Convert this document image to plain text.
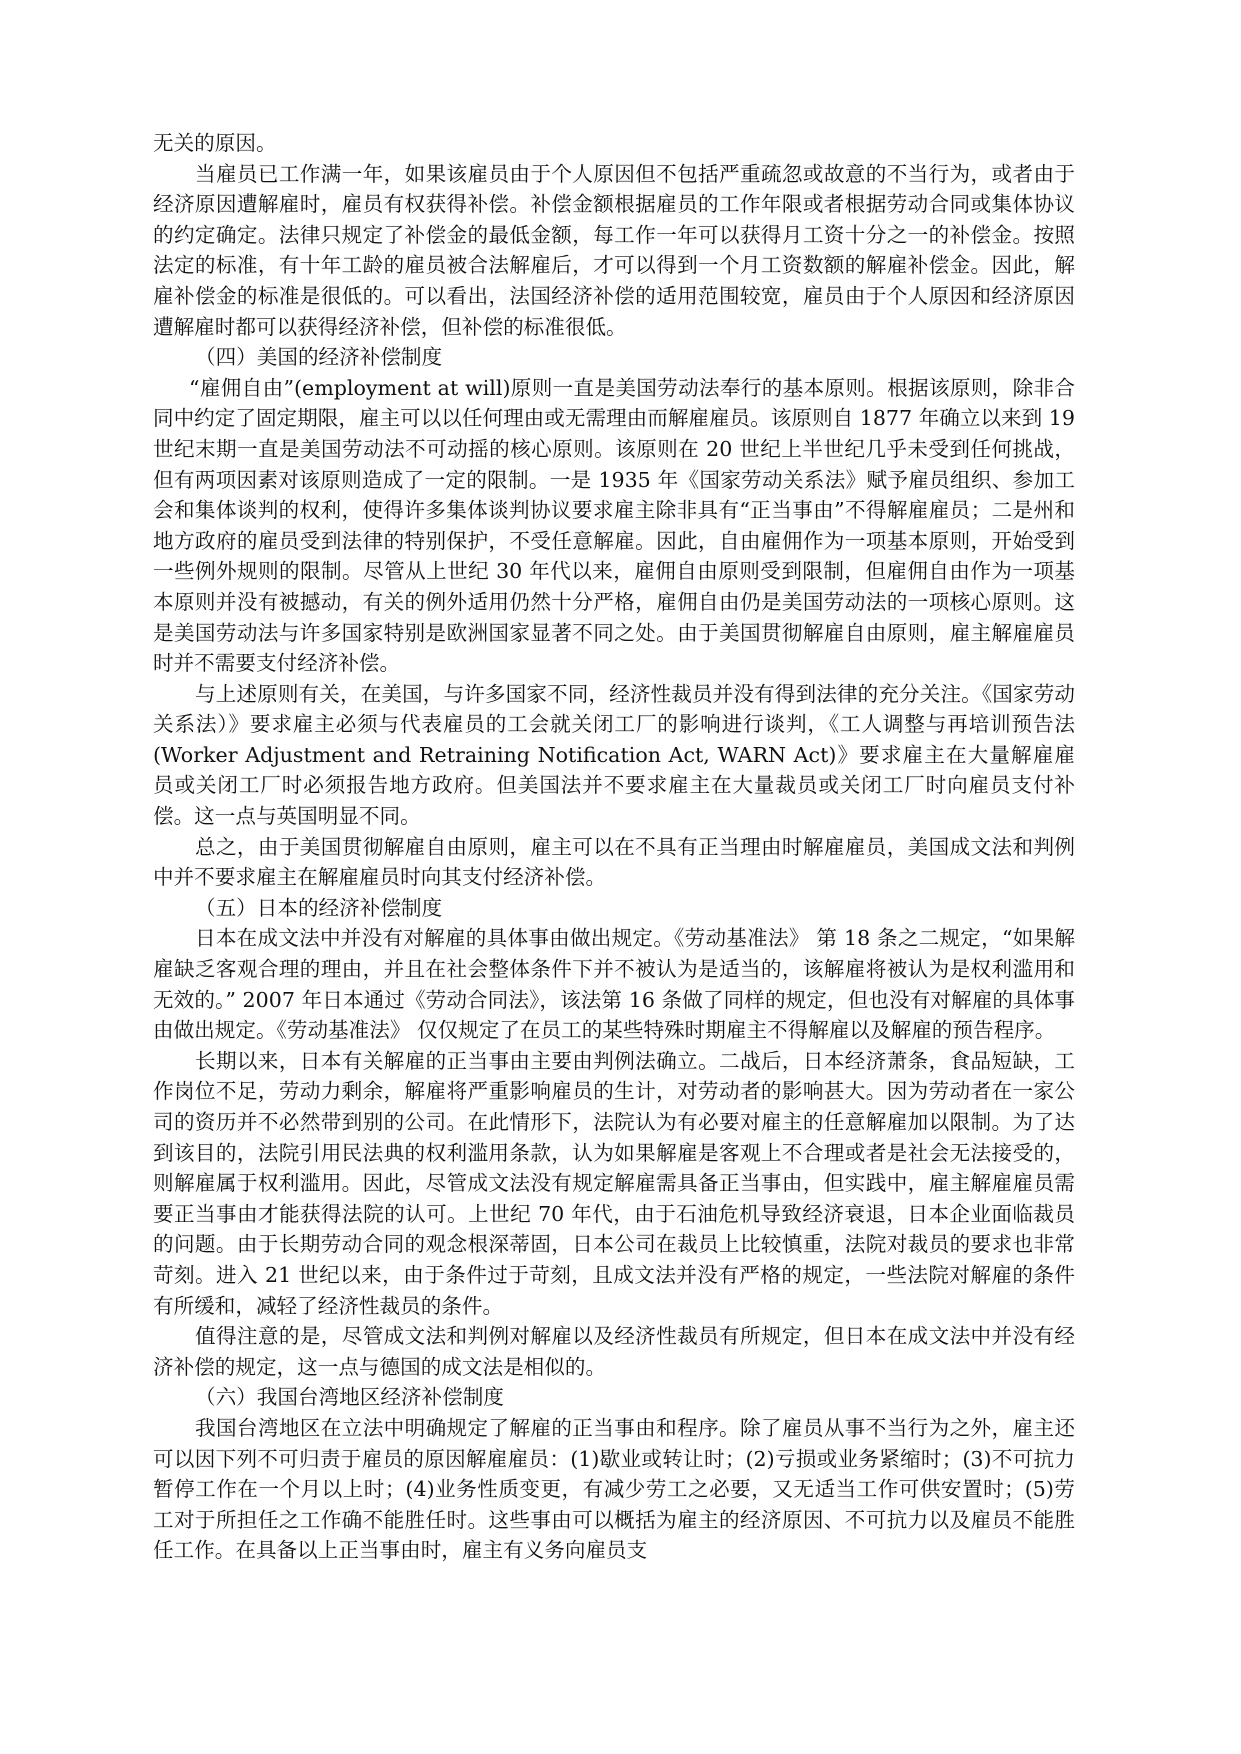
无关的原因。

当雇员已工作满一年，如果该雇员由于个人原因但不包括严重疏忽或故意的不当行为，或者由于经济原因遭解雇时，雇员有权获得补偿。补偿金额根据雇员的工作年限或者根据劳动合同或集体协议的约定确定。法律只规定了补偿金的最低金额，每工作一年可以获得月工资十分之一的补偿金。按照法定的标准，有十年工龄的雇员被合法解雇后，才可以得到一个月工资数额的解雇补偿金。因此，解雇补偿金的标准是很低的。可以看出，法国经济补偿的适用范围较宽，雇员由于个人原因和经济原因遭解雇时都可以获得经济补偿，但补偿的标准很低。

（四）美国的经济补偿制度

“雇佣自由”(employment at will)原则一直是美国劳动法奉行的基本原则。根据该原则，除非合同中约定了固定期限，雇主可以以任何理由或无需理由而解雇雇员。该原则自 1877 年确立以来到 19 世纪末期一直是美国劳动法不可动摇的核心原则。该原则在 20 世纪上半世纪几乎未受到任何挑战，但有两项因素对该原则造成了一定的限制。一是 1935 年《国家劳动关系法》赋予雇员组织、参加工会和集体谈判的权利，使得许多集体谈判协议要求雇主除非具有“正当事由”不得解雇雇员；二是州和地方政府的雇员受到法律的特别保护，不受任意解雇。因此，自由雇佣作为一项基本原则，开始受到一些例外规则的限制。尽管从上世纪 30 年代以来，雇佣自由原则受到限制，但雇佣自由作为一项基本原则并没有被撼动，有关的例外适用仍然十分严格，雇佣自由仍是美国劳动法的一项核心原则。这是美国劳动法与许多国家特别是欧洲国家显著不同之处。由于美国贯彻解雇自由原则，雇主解雇雇员时并不需要支付经济补偿。

与上述原则有关，在美国，与许多国家不同，经济性裁员并没有得到法律的充分关注。《国家劳动关系法）》要求雇主必须与代表雇员的工会就关闭工厂的影响进行谈判，《工人调整与再培训预告法(Worker Adjustment and Retraining Notification Act, WARN Act)》要求雇主在大量解雇雇员或关闭工厂时必须报告地方政府。但美国法并不要求雇主在大量裁员或关闭工厂时向雇员支付补偿。这一点与英国明显不同。

总之，由于美国贯彻解雇自由原则，雇主可以在不具有正当理由时解雇雇员，美国成文法和判例中并不要求雇主在解雇雇员时向其支付经济补偿。

（五）日本的经济补偿制度

日本在成文法中并没有对解雇的具体事由做出规定。《劳动基准法》 第 18 条之二规定，“如果解雇缺乏客观合理的理由，并且在社会整体条件下并不被认为是适当的，该解雇将被认为是权利滥用和无效的。” 2007 年日本通过《劳动合同法》，该法第 16 条做了同样的规定，但也没有对解雇的具体事由做出规定。《劳动基准法》 仅仅规定了在员工的某些特殊时期雇主不得解雇以及解雇的预告程序。

长期以来，日本有关解雇的正当事由主要由判例法确立。二战后，日本经济萧条，食品短缺，工作岗位不足，劳动力剩余，解雇将严重影响雇员的生计，对劳动者的影响甚大。因为劳动者在一家公司的资历并不必然带到别的公司。在此情形下，法院认为有必要对雇主的任意解雇加以限制。为了达到该目的，法院引用民法典的权利滥用条款，认为如果解雇是客观上不合理或者是社会无法接受的，则解雇属于权利滥用。因此，尽管成文法没有规定解雇需具备正当事由，但实践中，雇主解雇雇员需要正当事由才能获得法院的认可。上世纪 70 年代，由于石油危机导致经济衰退，日本企业面临裁员的问题。由于长期劳动合同的观念根深蒂固，日本公司在裁员上比较慎重，法院对裁员的要求也非常苛刻。进入 21 世纪以来，由于条件过于苛刻，且成文法并没有严格的规定，一些法院对解雇的条件有所缓和，减轻了经济性裁员的条件。

值得注意的是，尽管成文法和判例对解雇以及经济性裁员有所规定，但日本在成文法中并没有经济补偿的规定，这一点与德国的成文法是相似的。

（六）我国台湾地区经济补偿制度

我国台湾地区在立法中明确规定了解雇的正当事由和程序。除了雇员从事不当行为之外，雇主还可以因下列不可归责于雇员的原因解雇雇员：(1)歇业或转让时；(2)亏损或业务紧缩时；(3)不可抗力暂停工作在一个月以上时；(4)业务性质变更，有减少劳工之必要，又无适当工作可供安置时；(5)劳工对于所担任之工作确不能胜任时。这些事由可以概括为雇主的经济原因、不可抗力以及雇员不能胜任工作。在具备以上正当事由时，雇主有义务向雇员支
